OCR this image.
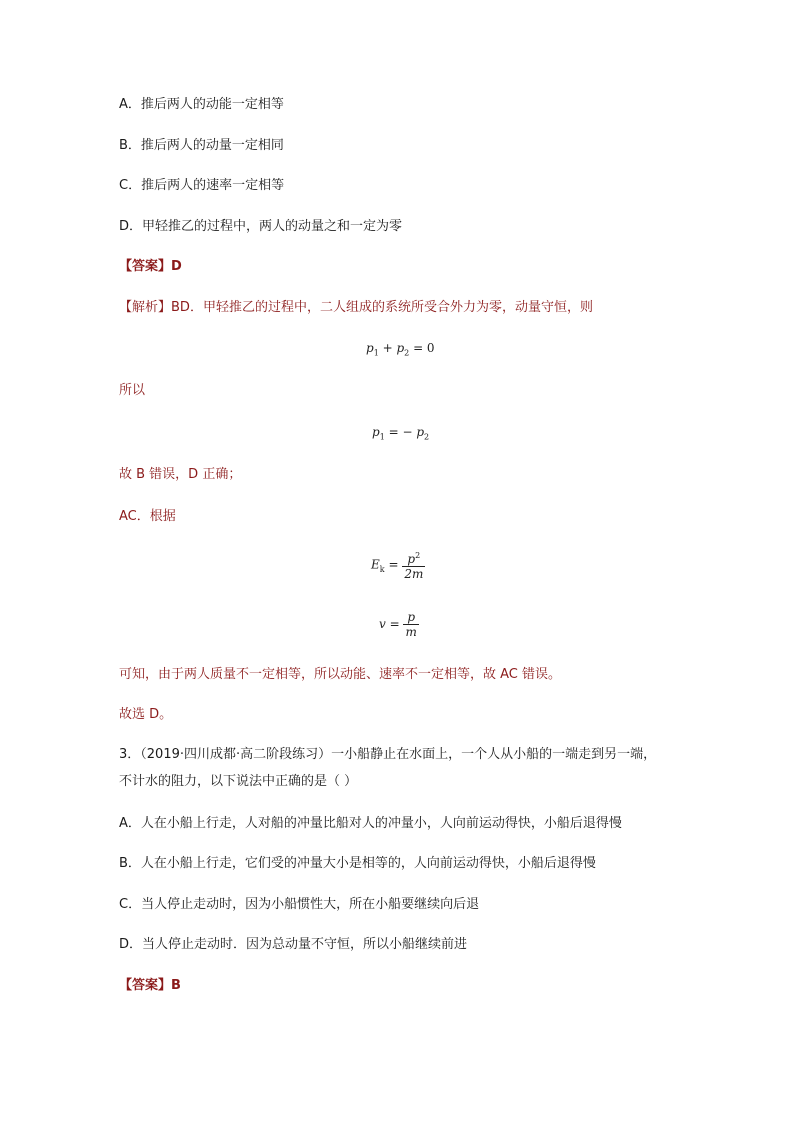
A．推后两人的动能一定相等
B．推后两人的动量一定相同
C．推后两人的速率一定相等
D．甲轻推乙的过程中，两人的动量之和一定为零
【答案】D
【解析】BD．甲轻推乙的过程中，二人组成的系统所受合外力为零，动量守恒，则
$p_1 + p_2 = 0$
所以
$p_1$ = − $p_2$
故 B 错误，D 正确；
AC．根据
$E_k = \frac{p^2}{2m}$
$v = \frac{p}{m}$
可知，由于两人质量不一定相等，所以动能、速率不一定相等，故 AC 错误。
故选 D。
3．（2019·四川成都·高二阶段练习）一小船静止在水面上，一个人从小船的一端走到另一端，
不计水的阻力，以下说法中正确的是（ ）
A．人在小船上行走，人对船的冲量比船对人的冲量小，人向前运动得快，小船后退得慢
B．人在小船上行走，它们受的冲量大小是相等的，人向前运动得快，小船后退得慢
C．当人停止走动时，因为小船惯性大，所在小船要继续向后退
D．当人停止走动时．因为总动量不守恒，所以小船继续前进
【答案】B
